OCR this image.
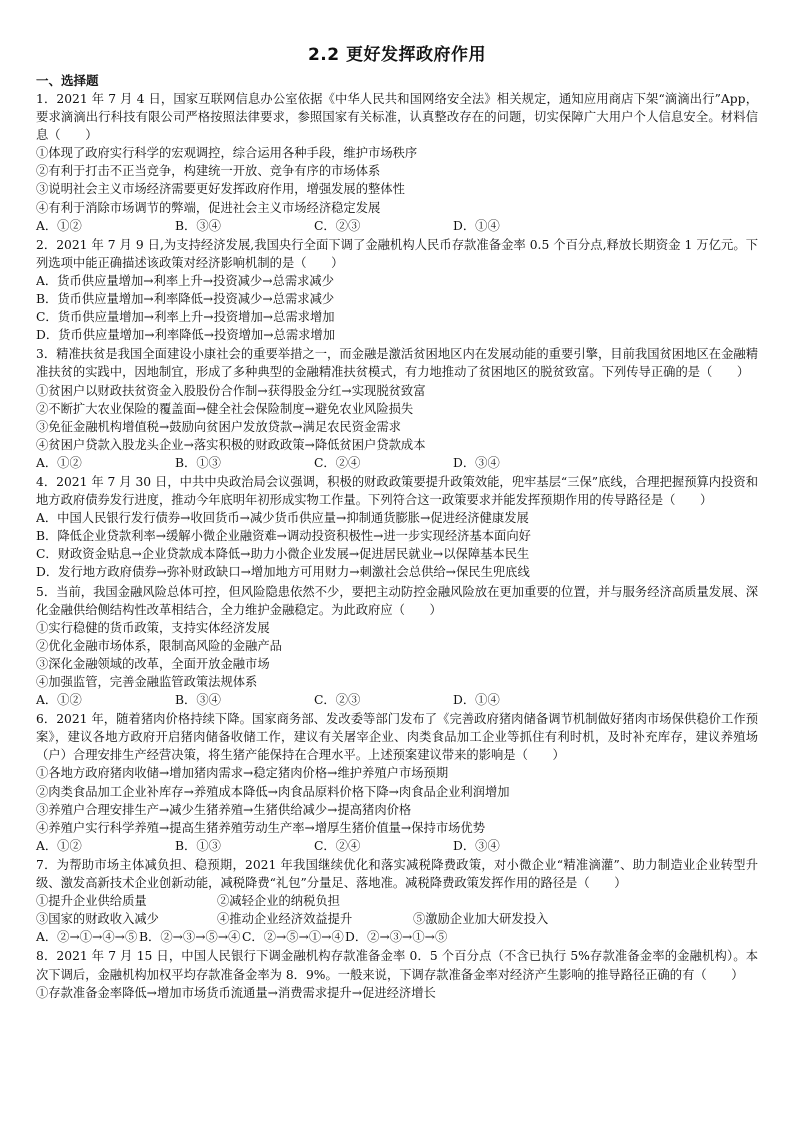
2.2 更好发挥政府作用
一、选择题
1．2021 年 7 月 4 日，国家互联网信息办公室依据《中华人民共和国网络安全法》相关规定，通知应用商店下架“滴滴出行”App，要求滴滴出行科技有限公司严格按照法律要求，参照国家有关标准，认真整改存在的问题，切实保障广大用户个人信息安全。材料信息（　　）
①体现了政府实行科学的宏观调控，综合运用各种手段，维护市场秩序
②有利于打击不正当竞争，构建统一开放、竞争有序的市场体系
③说明社会主义市场经济需要更好发挥政府作用，增强发展的整体性
④有利于消除市场调节的弊端，促进社会主义市场经济稳定发展
A．①②	B．③④	C．②③	D．①④
2．2021 年 7 月 9 日,为支持经济发展,我国央行全面下调了金融机构人民币存款准备金率 0.5 个百分点,释放长期资金 1 万亿元。下列选项中能正确描述该政策对经济影响机制的是（　　）
A．货币供应量增加→利率上升→投资减少→总需求减少
B．货币供应量增加→利率降低→投资减少→总需求减少
C．货币供应量增加→利率上升→投资增加→总需求增加
D．货币供应量增加→利率降低→投资增加→总需求增加
3．精准扶贫是我国全面建设小康社会的重要举措之一，而金融是激活贫困地区内在发展动能的重要引擎，目前我国贫困地区在金融精准扶贫的实践中，因地制宜，形成了多种典型的金融精准扶贫模式，有力地推动了贫困地区的脱贫致富。下列传导正确的是（　　）
①贫困户以财政扶贫资金入股股份合作制→获得股金分红→实现脱贫致富
②不断扩大农业保险的覆盖面→健全社会保险制度→避免农业风险损失
③免征金融机构增值税→鼓励向贫困户发放贷款→满足农民资金需求
④贫困户贷款入股龙头企业→落实积极的财政政策→降低贫困户贷款成本
A．①②	B．①③	C．②④	D．③④
4．2021 年 7 月 30 日，中共中央政治局会议强调，积极的财政政策要提升政策效能，兜牢基层“三保”底线，合理把握预算内投资和地方政府债券发行进度，推动今年底明年初形成实物工作量。下列符合这一政策要求并能发挥预期作用的传导路径是（　　）
A．中国人民银行发行债券→收回货币→减少货币供应量→抑制通货膨胀→促进经济健康发展
B．降低企业贷款利率→缓解小微企业融资难→调动投资积极性→进一步实现经济基本面向好
C．财政资金贴息→企业贷款成本降低→助力小微企业发展→促进居民就业→以保障基本民生
D．发行地方政府债券→弥补财政缺口→增加地方可用财力→刺激社会总供给→保民生兜底线
5．当前，我国金融风险总体可控，但风险隐患依然不少，要把主动防控金融风险放在更加重要的位置，并与服务经济高质量发展、深化金融供给侧结构性改革相结合，全力维护金融稳定。为此政府应（　　）
①实行稳健的货币政策，支持实体经济发展
②优化金融市场体系，限制高风险的金融产品
③深化金融领域的改革，全面开放金融市场
④加强监管，完善金融监管政策法规体系
A．①②	B．③④	C．②③	D．①④
6．2021 年，随着猪肉价格持续下降。国家商务部、发改委等部门发布了《完善政府猪肉储备调节机制做好猪肉市场保供稳价工作预案》，建议各地方政府开启猪肉储备收储工作，建议有关屠宰企业、肉类食品加工企业等抓住有利时机，及时补充库存，建议养殖场（户）合理安排生产经营决策，将生猪产能保持在合理水平。上述预案建议带来的影响是（　　）
①各地方政府猪肉收储→增加猪肉需求→稳定猪肉价格→维护养殖户市场预期
②肉类食品加工企业补库存→养殖成本降低→肉食品原料价格下降→肉食品企业利润增加
③养殖户合理安排生产→减少生猪养殖→生猪供给减少→提高猪肉价格
④养殖户实行科学养殖→提高生猪养殖劳动生产率→增厚生猪价值量→保持市场优势
A．①②	B．①③	C．②④	D．③④
7．为帮助市场主体减负担、稳预期，2021 年我国继续优化和落实减税降费政策，对小微企业“精准滴灌”、助力制造业企业转型升级、激发高新技术企业创新动能，减税降费“礼包”分量足、落地准。减税降费政策发挥作用的路径是（　　）
①提升企业供给质量	②减轻企业的纳税负担
③国家的财政收入减少	④推动企业经济效益提升	⑤激励企业加大研发投入
A．②→①→④→⑤ B．②→③→⑤→④ C．②→⑤→①→④ D．②→③→①→⑤
8．2021 年 7 月 15 日，中国人民银行下调金融机构存款准备金率 0．5 个百分点（不含已执行 5%存款准备金率的金融机构）。本次下调后，金融机构加权平均存款准备金率为 8．9%。一般来说，下调存款准备金率对经济产生影响的推导路径正确的有（　　）
①存款准备金率降低→增加市场货币流通量→消费需求提升→促进经济增长
